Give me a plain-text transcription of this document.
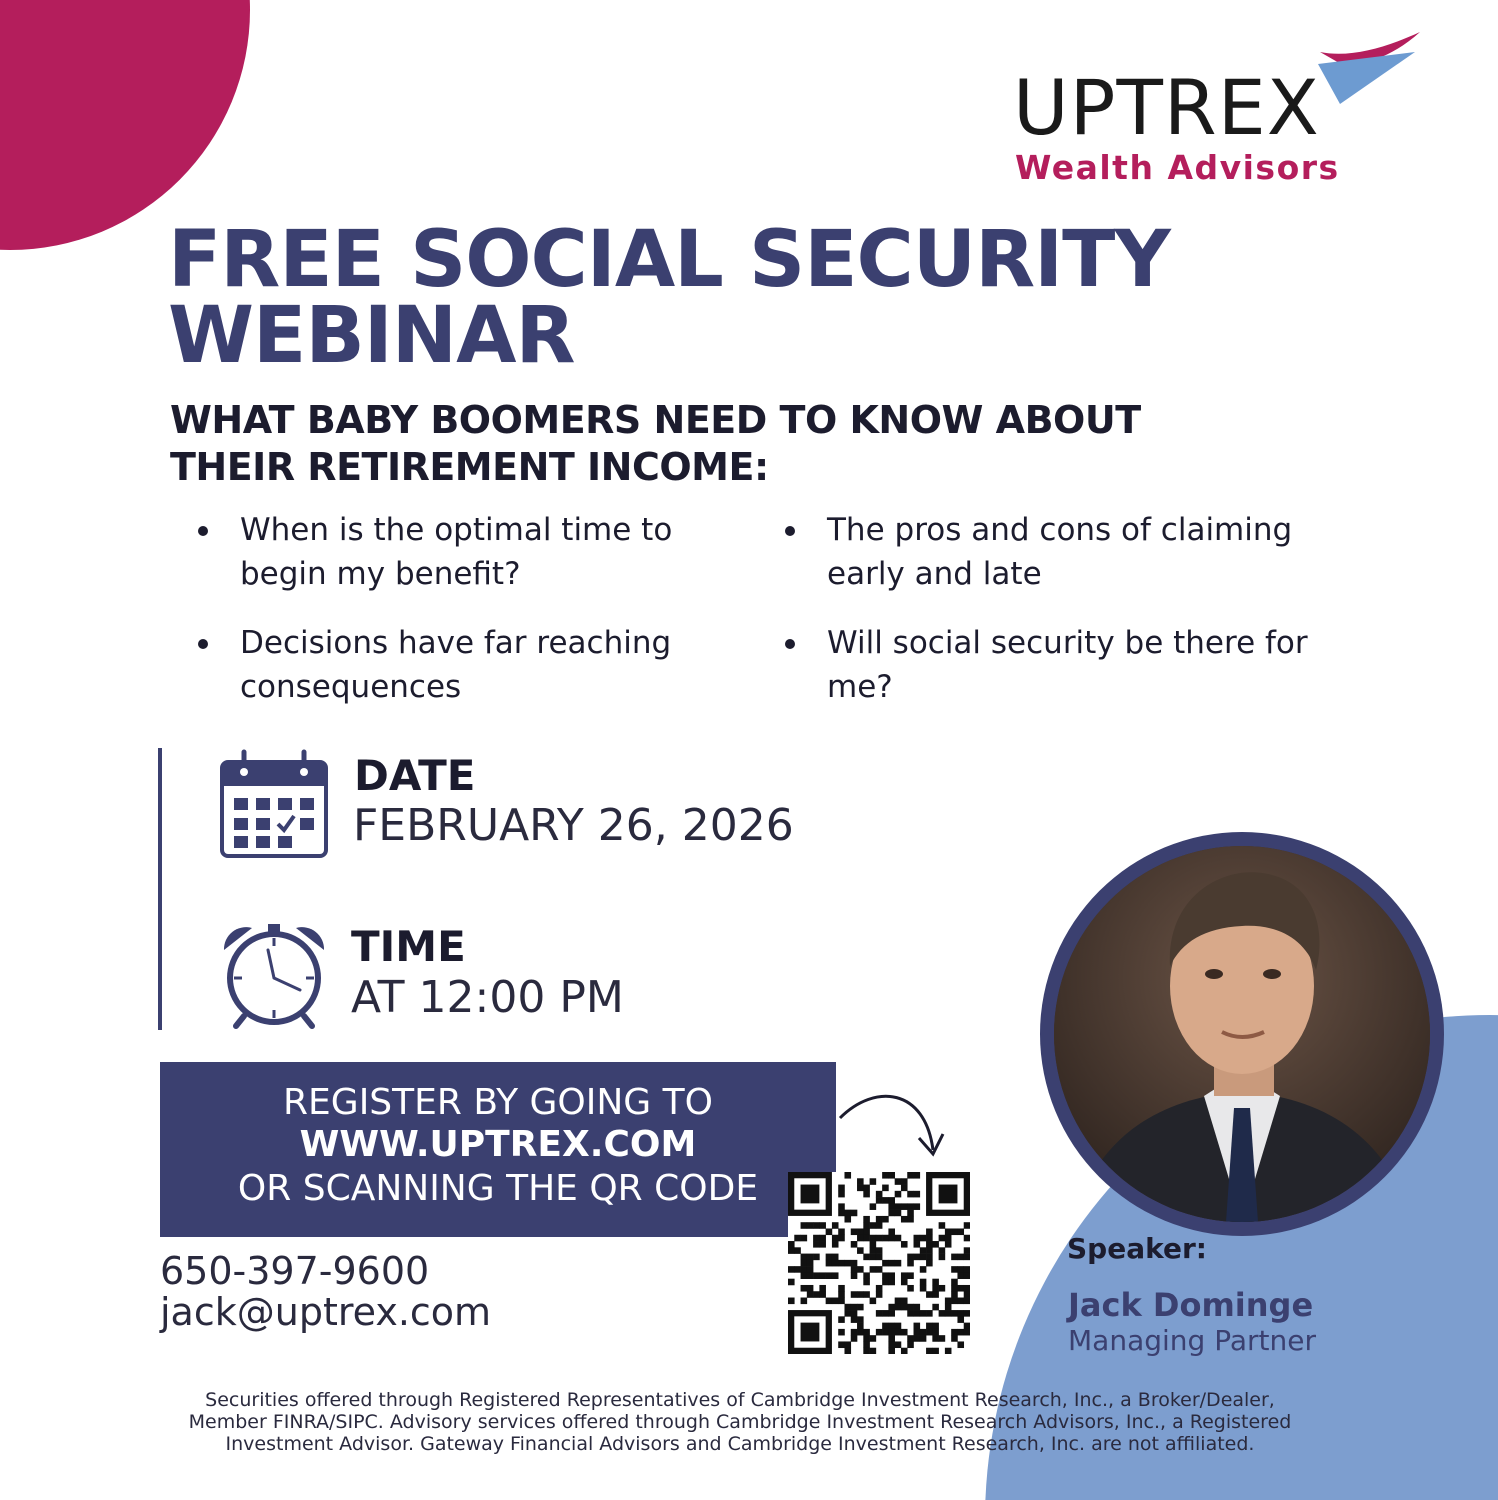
UPTREX
Wealth Advisors
FREE SOCIAL SECURITY
WEBINAR
WHAT BABY BOOMERS NEED TO KNOW ABOUT
THEIR RETIREMENT INCOME:
When is the optimal time to
begin my benefit?
The pros and cons of claiming
early and late
Decisions have far reaching
consequences
Will social security be there for
me?
DATE
FEBRUARY 26, 2026
TIME
AT 12:00 PM
REGISTER BY GOING TO
WWW.UPTREX.COM
OR SCANNING THE QR CODE
650-397-9600
jack@uptrex.com
Speaker:
Jack Dominge
Managing Partner

Securities offered through Registered Representatives of Cambridge Investment Research, Inc., a Broker/Dealer,
Member FINRA/SIPC. Advisory services offered through Cambridge Investment Research Advisors, Inc., a Registered
Investment Advisor. Gateway Financial Advisors and Cambridge Investment Research, Inc. are not affiliated.
